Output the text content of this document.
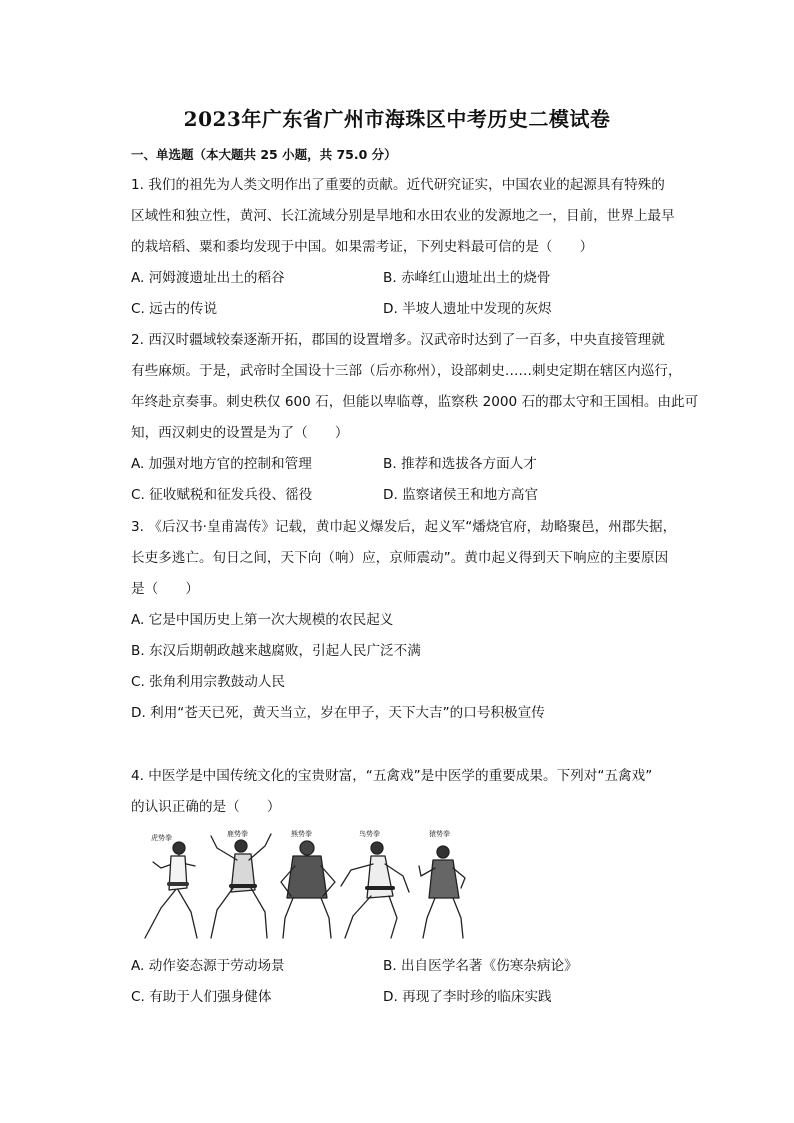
2023年广东省广州市海珠区中考历史二模试卷
一、单选题（本大题共 25 小题，共 75.0 分）

1. 我们的祖先为人类文明作出了重要的贡献。近代研究证实，中国农业的起源具有特殊的

区域性和独立性，黄河、长江流域分别是旱地和水田农业的发源地之一，目前，世界上最早

的栽培稻、粟和黍均发现于中国。如果需考证，下列史料最可信的是（　　）

A. 河姆渡遗址出土的稻谷	B. 赤峰红山遗址出土的烧骨
C. 远古的传说	D. 半坡人遗址中发现的灰烬

2. 西汉时疆域较秦逐渐开拓，郡国的设置增多。汉武帝时达到了一百多，中央直接管理就

有些麻烦。于是，武帝时全国设十三部（后亦称州），设部刺史……刺史定期在辖区内巡行，

年终赴京奏事。刺史秩仅 600 石，但能以卑临尊，监察秩 2000 石的郡太守和王国相。由此可

知，西汉刺史的设置是为了（　　）

A. 加强对地方官的控制和管理	B. 推荐和选拔各方面人才
C. 征收赋税和征发兵役、徭役	D. 监察诸侯王和地方高官

3. 《后汉书·皇甫嵩传》记载，黄巾起义爆发后，起义军“燔烧官府，劫略聚邑，州郡失据，

长吏多逃亡。旬日之间，天下向（响）应，京师震动”。黄巾起义得到天下响应的主要原因

是（　　）

A. 它是中国历史上第一次大规模的农民起义
B. 东汉后期朝政越来越腐败，引起人民广泛不满
C. 张角利用宗教鼓动人民
D. 利用“苍天已死，黄天当立，岁在甲子，天下大吉”的口号积极宣传

4. 中医学是中国传统文化的宝贵财富，“五禽戏”是中医学的重要成果。下列对“五禽戏”

的认识正确的是（　　）

虎势拳	鹿势拳	熊势拳	鸟势拳	猿势拳
A. 动作姿态源于劳动场景	B. 出自医学名著《伤寒杂病论》
C. 有助于人们强身健体	D. 再现了李时珍的临床实践
